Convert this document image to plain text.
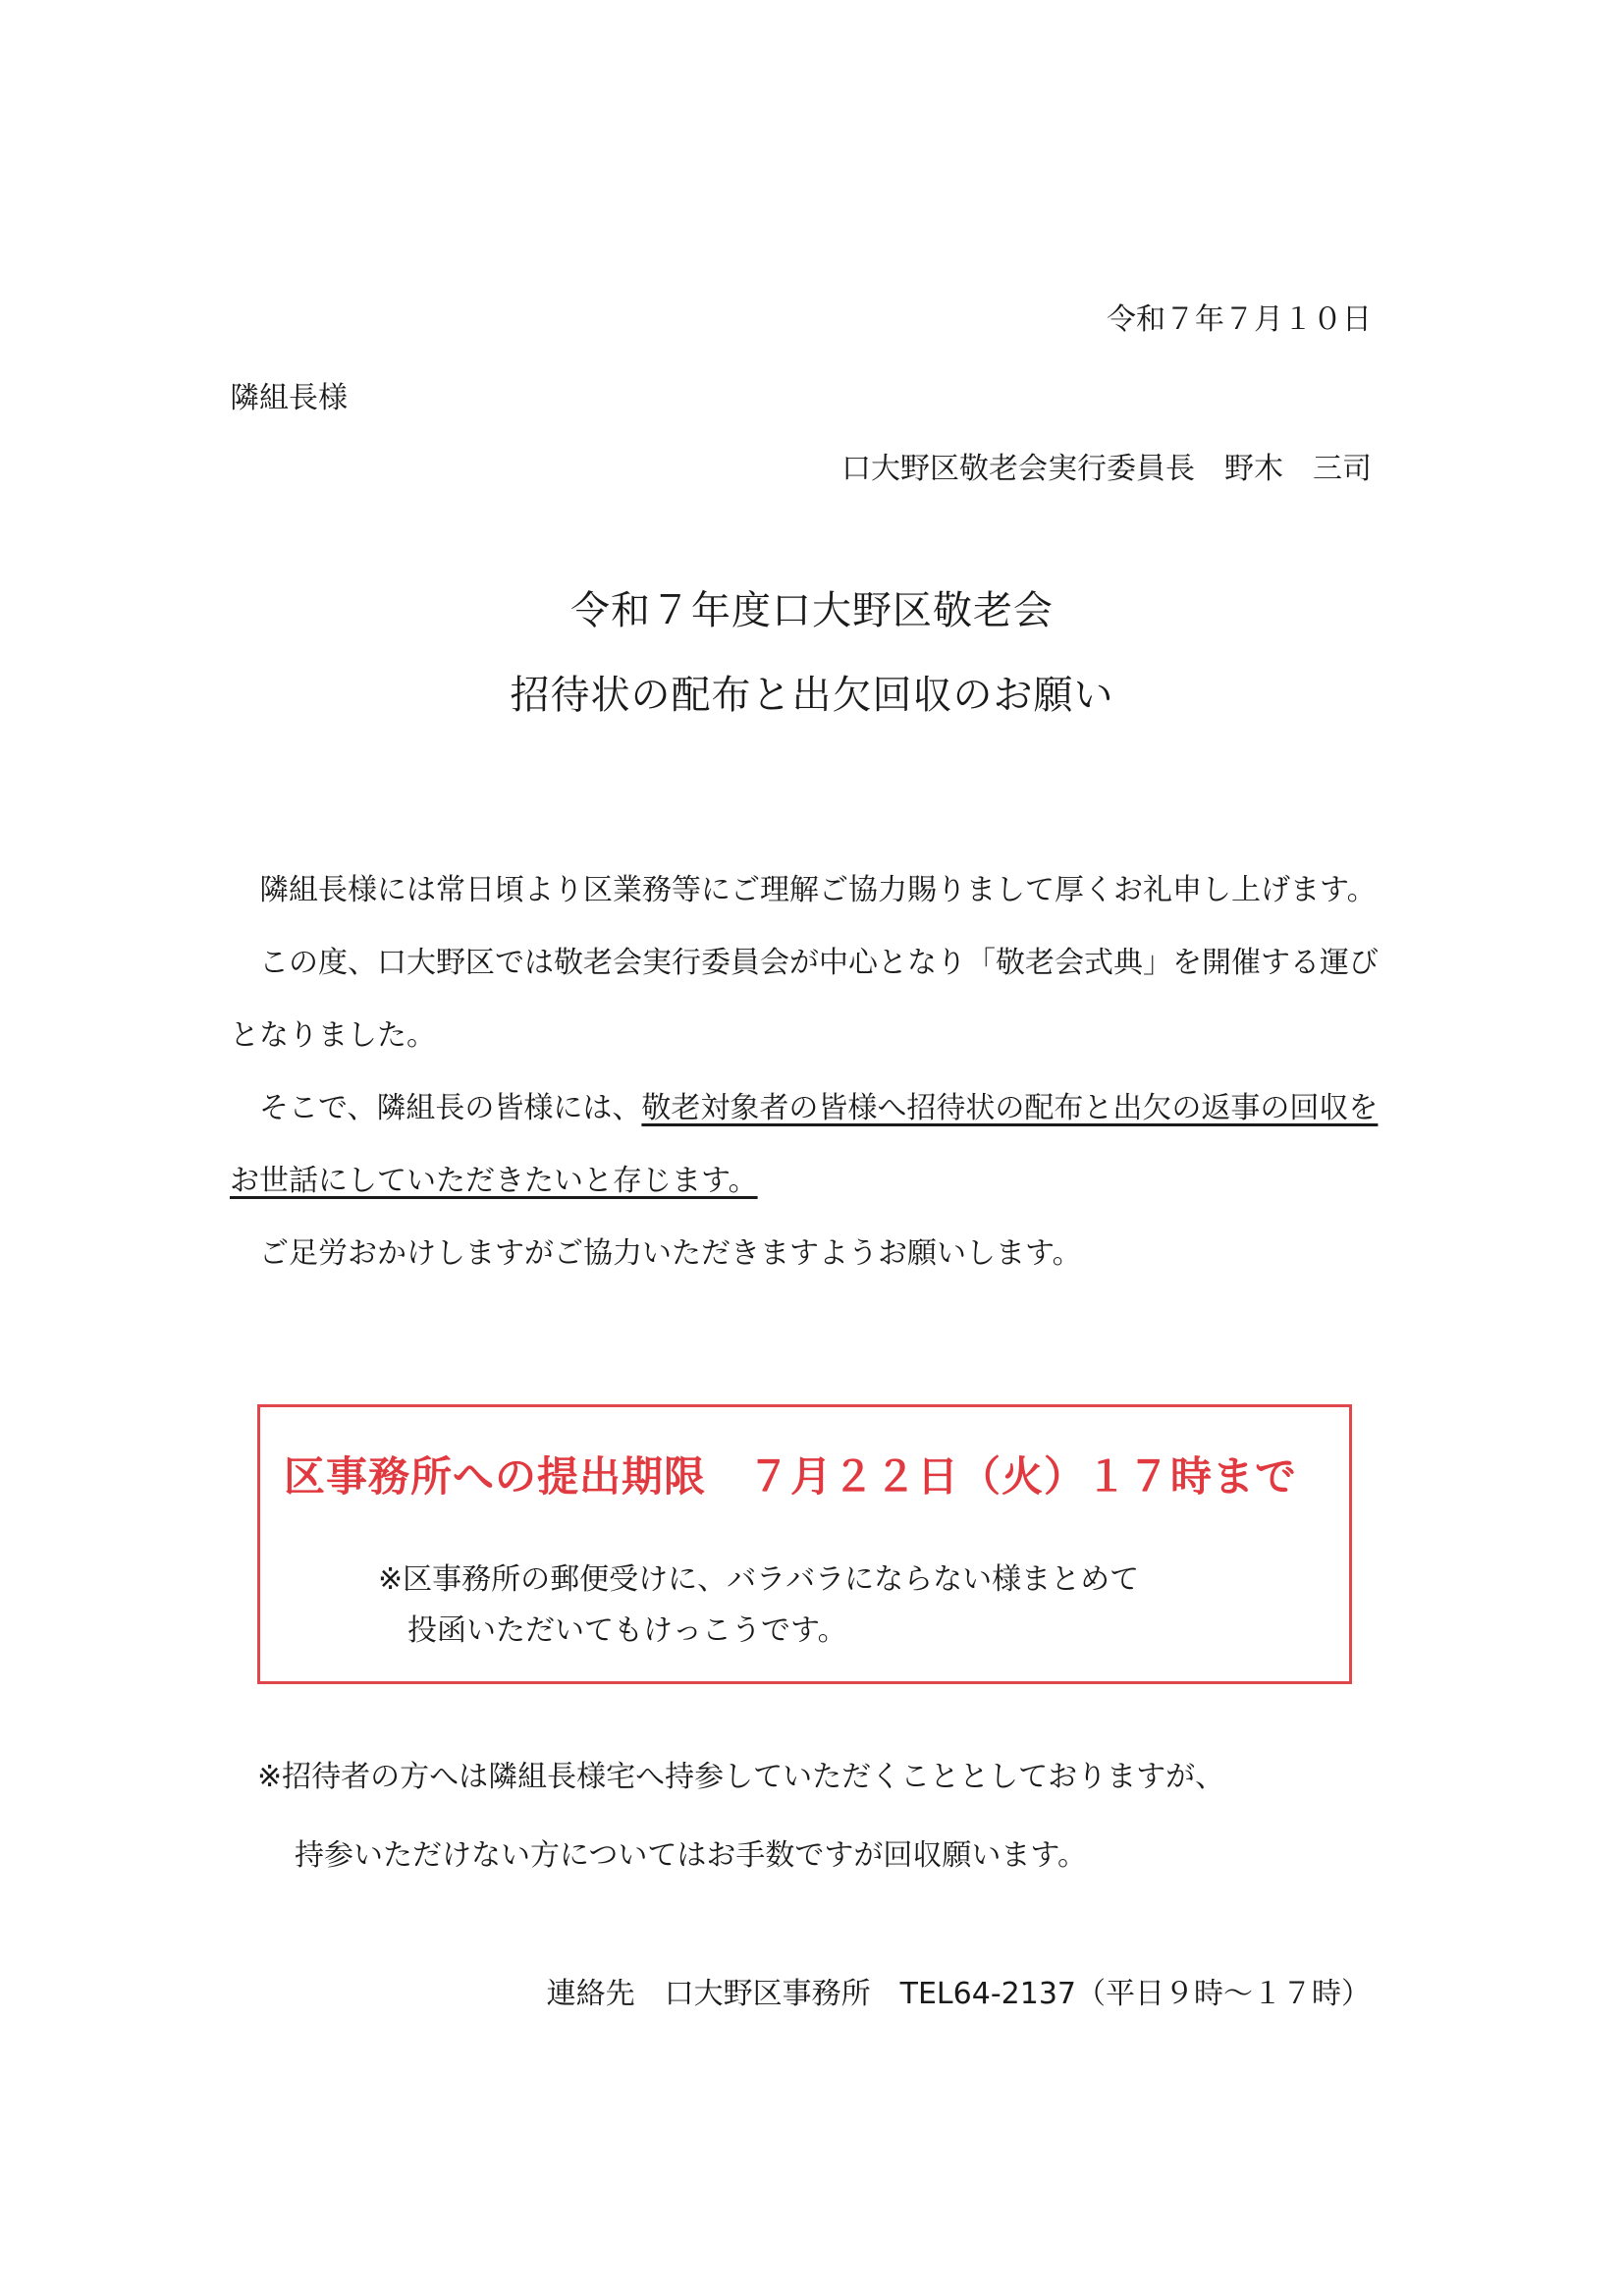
令和７年７月１０日
隣組長様
口大野区敬老会実行委員長　野木　三司
令和７年度口大野区敬老会
招待状の配布と出欠回収のお願い

隣組長様には常日頃より区業務等にご理解ご協力賜りまして厚くお礼申し上げます。

この度、口大野区では敬老会実行委員会が中心となり「敬老会式典」を開催する運びとなりました。

そこで、隣組長の皆様には、敬老対象者の皆様へ招待状の配布と出欠の返事の回収をお世話にしていただきたいと存じます。

ご足労おかけしますがご協力いただきますようお願いします。

区事務所への提出期限　７月２２日（火）１７時まで
※区事務所の郵便受けに、バラバラにならない様まとめて
投函いただいてもけっこうです。
※招待者の方へは隣組長様宅へ持参していただくこととしておりますが、
持参いただけない方についてはお手数ですが回収願います。
連絡先　口大野区事務所　TEL64-2137（平日９時～１７時）
